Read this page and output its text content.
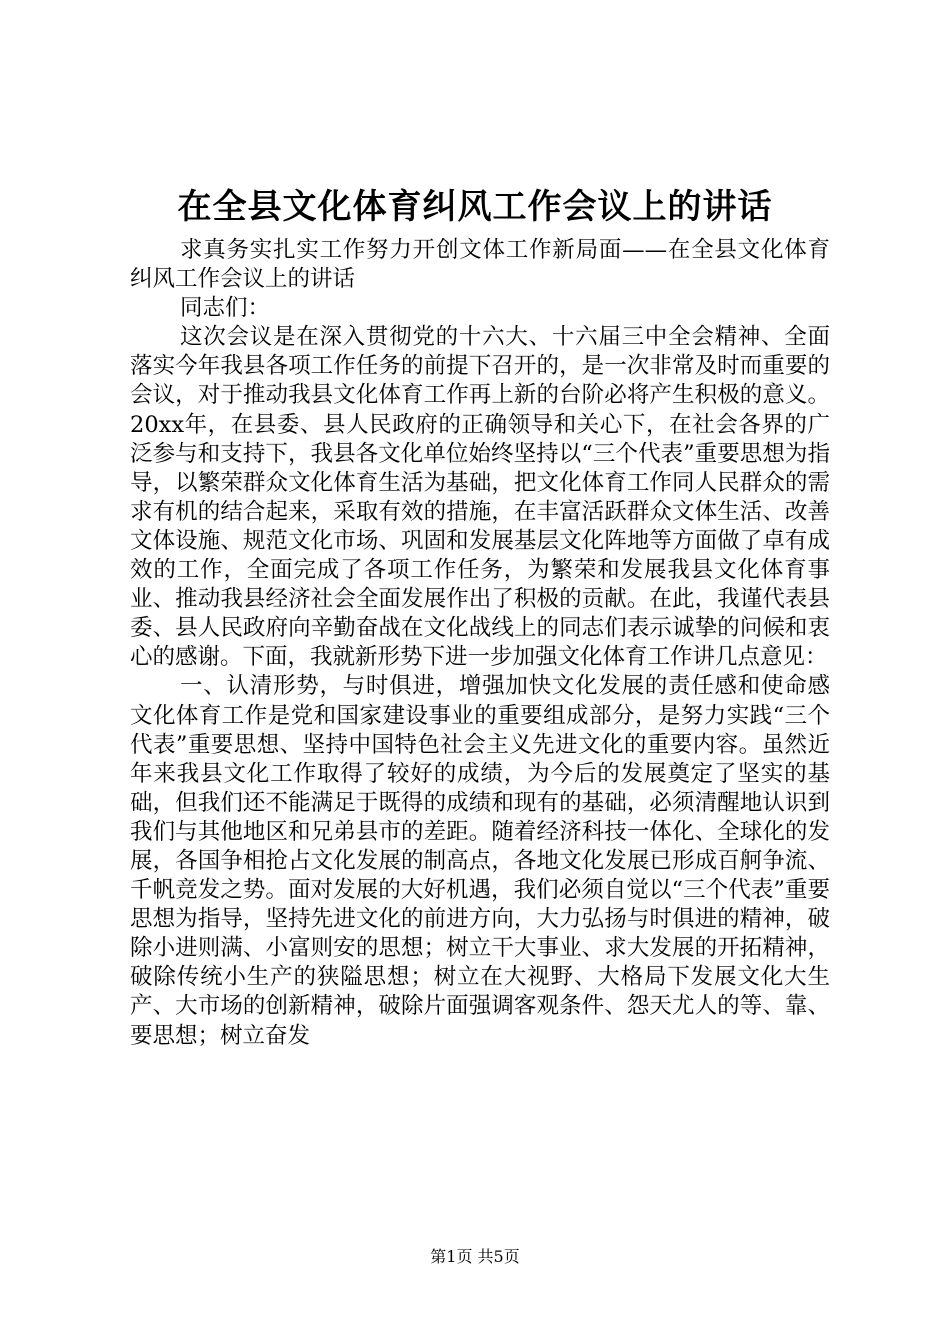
在全县文化体育纠风工作会议上的讲话

求真务实扎实工作努力开创文体工作新局面——在全县文化体育纠风工作会议上的讲话

同志们：

这次会议是在深入贯彻党的十六大、十六届三中全会精神、全面落实今年我县各项工作任务的前提下召开的，是一次非常及时而重要的会议，对于推动我县文化体育工作再上新的台阶必将产生积极的意义。20xx年，在县委、县人民政府的正确领导和关心下，在社会各界的广泛参与和支持下，我县各文化单位始终坚持以“三个代表”重要思想为指导，以繁荣群众文化体育生活为基础，把文化体育工作同人民群众的需求有机的结合起来，采取有效的措施，在丰富活跃群众文体生活、改善文体设施、规范文化市场、巩固和发展基层文化阵地等方面做了卓有成效的工作，全面完成了各项工作任务，为繁荣和发展我县文化体育事业、推动我县经济社会全面发展作出了积极的贡献。在此，我谨代表县委、县人民政府向辛勤奋战在文化战线上的同志们表示诚挚的问候和衷心的感谢。下面，我就新形势下进一步加强文化体育工作讲几点意见：

一、认清形势，与时俱进，增强加快文化发展的责任感和使命感文化体育工作是党和国家建设事业的重要组成部分，是努力实践“三个代表”重要思想、坚持中国特色社会主义先进文化的重要内容。虽然近年来我县文化工作取得了较好的成绩，为今后的发展奠定了坚实的基础，但我们还不能满足于既得的成绩和现有的基础，必须清醒地认识到我们与其他地区和兄弟县市的差距。随着经济科技一体化、全球化的发展，各国争相抢占文化发展的制高点，各地文化发展已形成百舸争流、千帆竞发之势。面对发展的大好机遇，我们必须自觉以“三个代表”重要思想为指导，坚持先进文化的前进方向，大力弘扬与时俱进的精神，破除小进则满、小富则安的思想；树立干大事业、求大发展的开拓精神，破除传统小生产的狭隘思想；树立在大视野、大格局下发展文化大生产、大市场的创新精神，破除片面强调客观条件、怨天尤人的等、靠、要思想；树立奋发

第1页 共5页
